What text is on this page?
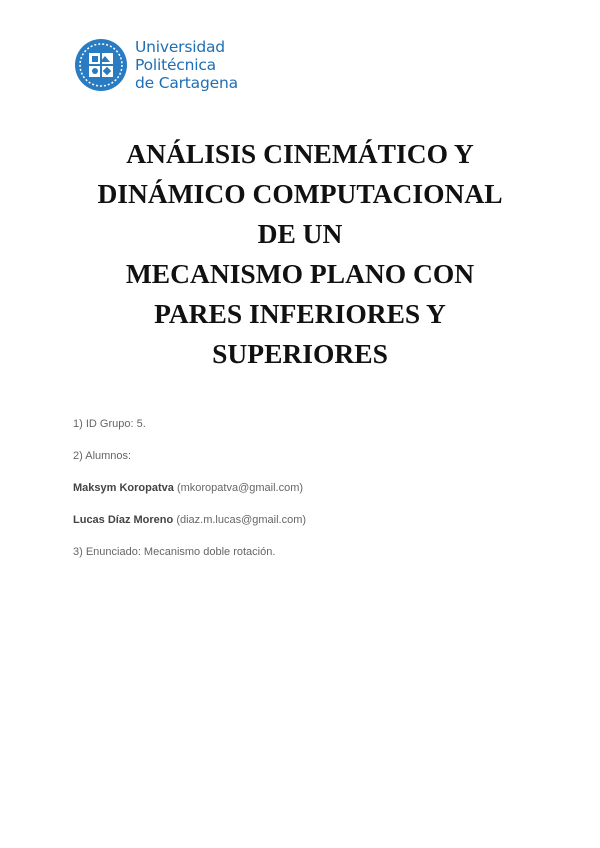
Universidad
Politécnica
de Cartagena
ANÁLISIS CINEMÁTICO Y
DINÁMICO COMPUTACIONAL
DE UN
MECANISMO PLANO CON
PARES INFERIORES Y
SUPERIORES
1) ID Grupo: 5.
2) Alumnos:
Maksym Koropatva (mkoropatva@gmail.com)
Lucas Díaz Moreno (diaz.m.lucas@gmail.com)
3) Enunciado: Mecanismo doble rotación.
